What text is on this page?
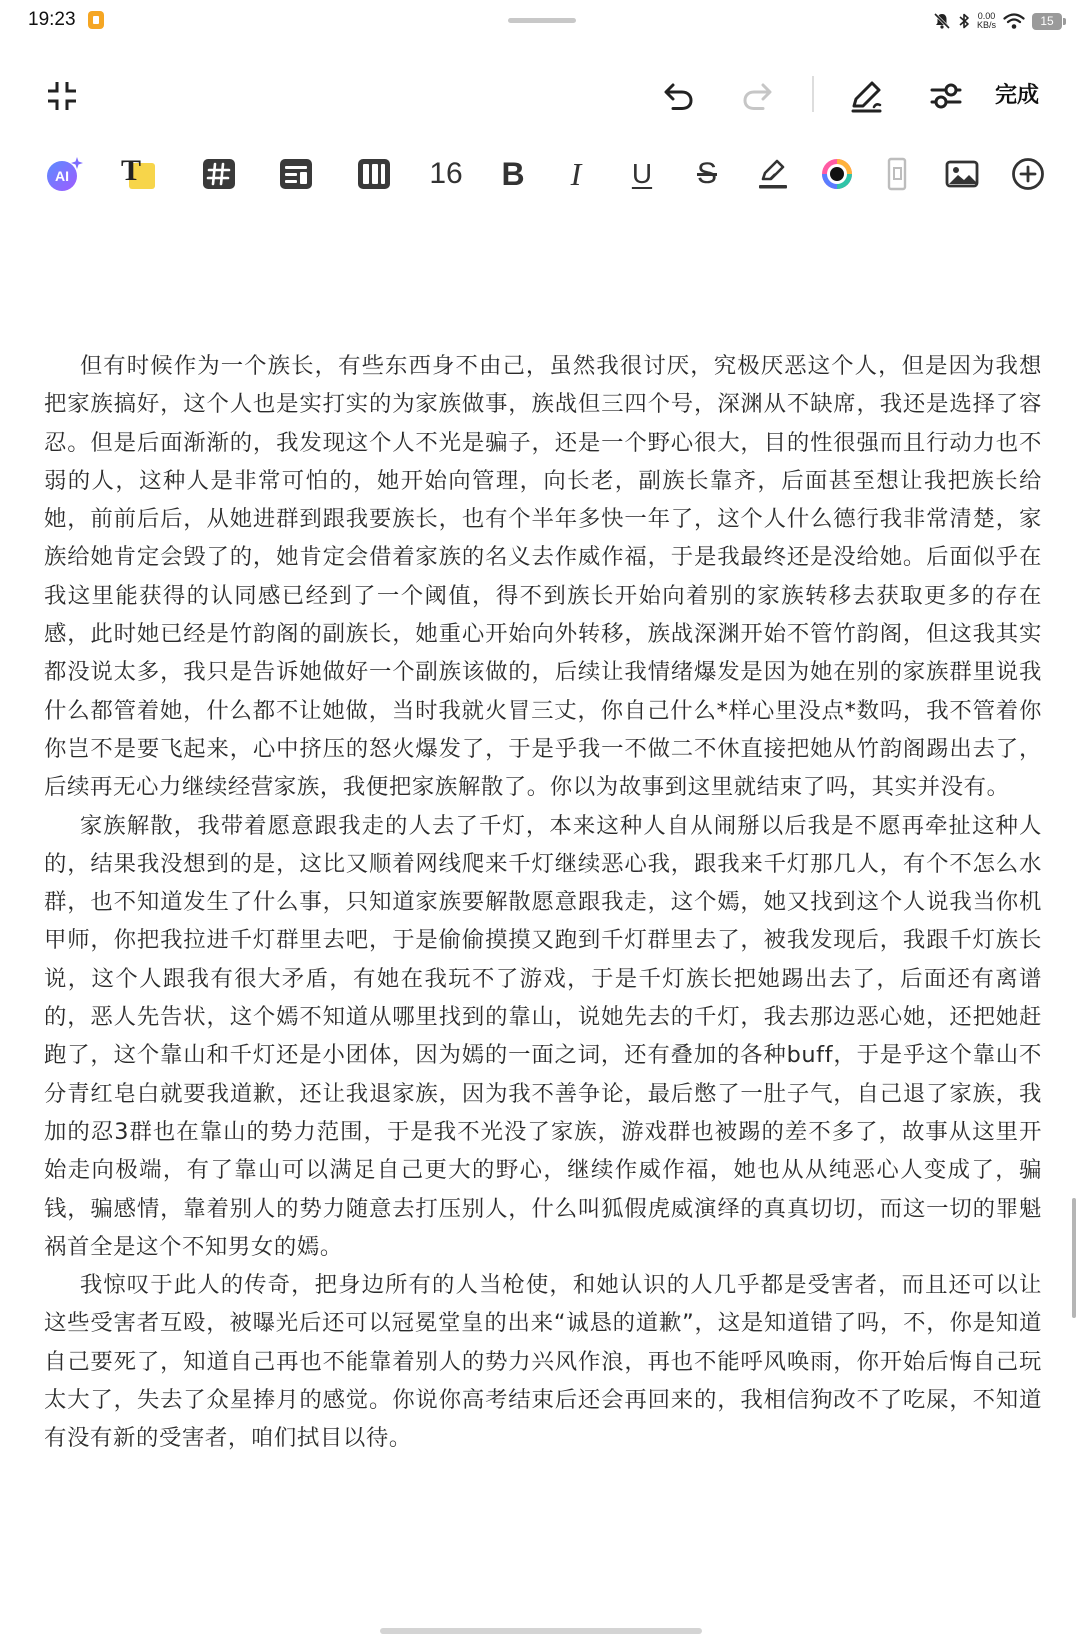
19:23	0.00
KB/s	15
完成
AI T	16 B I U S

但有时候作为一个族长，有些东西身不由己，虽然我很讨厌，究极厌恶这个人，但是因为我想把家族搞好，这个人也是实打实的为家族做事，族战但三四个号，深渊从不缺席，我还是选择了容忍。但是后面渐渐的，我发现这个人不光是骗子，还是一个野心很大，目的性很强而且行动力也不弱的人，这种人是非常可怕的，她开始向管理，向长老，副族长靠齐，后面甚至想让我把族长给她，前前后后，从她进群到跟我要族长，也有个半年多快一年了，这个人什么德行我非常清楚，家族给她肯定会毁了的，她肯定会借着家族的名义去作威作福，于是我最终还是没给她。后面似乎在我这里能获得的认同感已经到了一个阈值，得不到族长开始向着别的家族转移去获取更多的存在感，此时她已经是竹韵阁的副族长，她重心开始向外转移，族战深渊开始不管竹韵阁，但这我其实都没说太多，我只是告诉她做好一个副族该做的，后续让我情绪爆发是因为她在别的家族群里说我什么都管着她，什么都不让她做，当时我就火冒三丈，你自己什么*样心里没点*数吗，我不管着你你岂不是要飞起来，心中挤压的怒火爆发了，于是乎我一不做二不休直接把她从竹韵阁踢出去了，后续再无心力继续经营家族，我便把家族解散了。你以为故事到这里就结束了吗，其实并没有。

家族解散，我带着愿意跟我走的人去了千灯，本来这种人自从闹掰以后我是不愿再牵扯这种人的，结果我没想到的是，这比又顺着网线爬来千灯继续恶心我，跟我来千灯那几人，有个不怎么水群，也不知道发生了什么事，只知道家族要解散愿意跟我走，这个嫣，她又找到这个人说我当你机甲师，你把我拉进千灯群里去吧，于是偷偷摸摸又跑到千灯群里去了，被我发现后，我跟千灯族长说，这个人跟我有很大矛盾，有她在我玩不了游戏，于是千灯族长把她踢出去了，后面还有离谱的，恶人先告状，这个嫣不知道从哪里找到的靠山，说她先去的千灯，我去那边恶心她，还把她赶跑了，这个靠山和千灯还是小团体，因为嫣的一面之词，还有叠加的各种buff，于是乎这个靠山不分青红皂白就要我道歉，还让我退家族，因为我不善争论，最后憋了一肚子气，自己退了家族，我加的忍3群也在靠山的势力范围，于是我不光没了家族，游戏群也被踢的差不多了，故事从这里开始走向极端，有了靠山可以满足自己更大的野心，继续作威作福，她也从从纯恶心人变成了，骗钱，骗感情，靠着别人的势力随意去打压别人，什么叫狐假虎威演绎的真真切切，而这一切的罪魁祸首全是这个不知男女的嫣。

我惊叹于此人的传奇，把身边所有的人当枪使，和她认识的人几乎都是受害者，而且还可以让这些受害者互殴，被曝光后还可以冠冕堂皇的出来“诚恳的道歉”，这是知道错了吗，不，你是知道自己要死了，知道自己再也不能靠着别人的势力兴风作浪，再也不能呼风唤雨，你开始后悔自己玩太大了，失去了众星捧月的感觉。你说你高考结束后还会再回来的，我相信狗改不了吃屎，不知道有没有新的受害者，咱们拭目以待。
